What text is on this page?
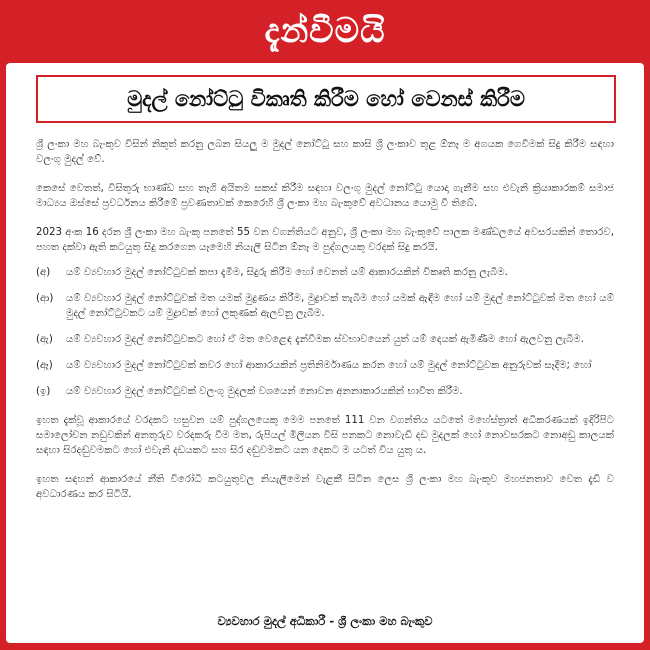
දැන්වීමයි
මුදල් නෝට්ටු විකෘති කිරීම හෝ වෙනස් කිරීම

ශ්‍රී ලංකා මහ බැංකුව විසින් නිකුත් කරනු ලබන සියලු ම මුදල් නෝට්ටු සහ කාසි ශ්‍රී ලංකාව තුළ ඕනෑ ම අගයක ගෙවීමක් සිදු කිරීම සඳහා වලංගු මුදල් වේ.

කෙසේ වෙතත්, විසිතුරු භාණ්ඩ සහ තෑගි අයිතම සකස් කිරීම සඳහා වලංගු මුදල් නෝට්ටු යොදා ගැනීම සහ එවැනි ක්‍රියාකාරකම් සමාජ මාධ්‍යය ඔස්සේ ප්‍රවර්ධනය කිරීමේ ප්‍රවණතාවක් කෙරෙහි ශ්‍රී ලංකා මහ බැංකුවේ අවධානය යොමු වී තිබේ.

2023 අංක 16 දරන ශ්‍රී ලංකා මහ බැංකු පනතේ 55 වන වගන්තියට අනුව, ශ්‍රී ලංකා මහ බැංකුවේ පාලක මණ්ඩලයේ අවසරයකින් තොරව, පහත දක්වා ඇති කටයුතු සිදු කරගෙන යෑමෙහි නියැලී සිටින ඕනෑ ම පුද්ගලයකු වරදක් සිදු කරයි.

(අ)	යම් ව්‍යවහාර මුදල් නෝට්ටුවක් කපා දැමීම, සිදුරු කිරීම හෝ වෙනත් යම් ආකාරයකින් විකෘති කරනු ලැබීම.
(ආ)	යම් ව්‍යවහාර මුදල් නෝට්ටුවක් මත යමක් මුද්‍රණය කිරීම, මුද්‍රාවක් තැබීම හෝ යමක් ඇඳීම හෝ යම් මුදල් නෝට්ටුවක් මත හෝ යම් මුදල් නෝට්ටුවකට යම් මුද්‍රාවක් හෝ ලකුණක් ඇලවනු ලැබීම.
(ඇ)	යම් ව්‍යවහාර මුදල් නෝට්ටුවකට හෝ ඒ මත වෙළෙඳ දැන්වීමක ස්වභාවයෙන් යුත් යම් දෙයක් ඇමිණීම හෝ ඇලවනු ලැබීම.
(ඈ)	යම් ව්‍යවහාර මුදල් නෝට්ටුවක් කවර හෝ ආකාරයකින් ප්‍රතිනිර්මාණය කරන හෝ යම් මුදල් නෝට්ටුවක අනුරුවක් සෑදීම; හෝ
(ඉ)	යම් ව්‍යවහාර මුදල් නෝට්ටුවක් වලංගු මුදලක් වශයෙන් නොවන අනනාකාරයකින් භාවිත කිරීම.

ඉහත දැක්වූ ආකාරයේ වරදකට හසුවන යම් පුද්ගලයෙකු මෙම පනතේ 111 වන වගන්තිය යටතේ මහේස්ත්‍රාත් අධිකරණයක් ඉදිරිපිට සමාලෝචන නඩුවකින් අනතුරුව වරදකරු වීම මත, රුපියල් මිලියන විසි පනකට නොවැඩි දඩ මුදලක් හෝ නොවසරකට නොඅඩු කාලයක් සඳහා සිරදඬුවමකට හෝ එවැනි දඩයකට සහ සිර දඬුවමකට යන දෙකට ම යටත් විය යුතු ය.

ඉහත සඳහන් ආකාරයේ නීති විරෝධී කටයුතුවල නියැලීමෙන් වැළකී සිටින ලෙස ශ්‍රී ලංකා මහ බැංකුව මහජනතාව වෙත දැඩි ව අවධාරණය කර සිටියි.

ව්‍යවහාර මුදල් අධිකාරී - ශ්‍රී ලංකා මහ බැංකුව
